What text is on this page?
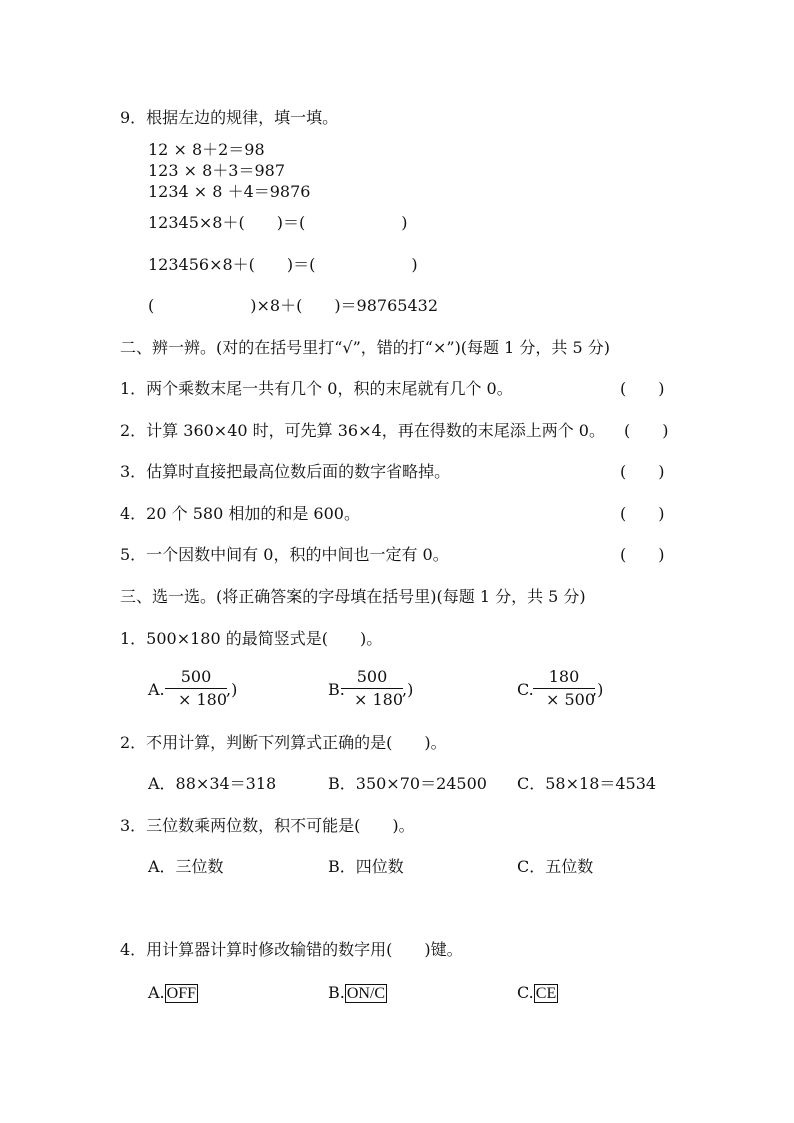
9．根据左边的规律，填一填。
12 × 8＋2＝98
123 × 8＋3＝987
1234 × 8 ＋4＝9876
12345×8＋(　　)＝(　　　　　　)
123456×8＋(　　)＝(　　　　　　)
(　　　　　　)×8＋(　　)＝98765432
二、辨一辨。(对的在括号里打“√”，错的打“×”)(每题 1 分，共 5 分)
1．两个乘数末尾一共有几个 0，积的末尾就有几个 0。	(　　)
2．计算 360×40 时，可先算 36×4，再在得数的末尾添上两个 0。 (　　)
3．估算时直接把最高位数后面的数字省略掉。	(　　)
4．20 个 580 相加的和是 600。	(　　)
5．一个因数中间有 0，积的中间也一定有 0。	(　　)
三、选一选。(将正确答案的字母填在括号里)(每题 1 分，共 5 分)
1．500×180 的最简竖式是(　　)。
A. $\frac{500}{\times 180}$ ,)	B.
$\frac{500}{\times 180}$ ,)	C. $\frac{180}{\times 500}$
,)
2．不用计算，判断下列算式正确的是(　　)。
A．88×34＝318	B．350×70＝24500 C．58×18＝4534
3．三位数乘两位数，积不可能是(　　)。
A．三位数	B．四位数	C．五位数
4．用计算器计算时修改输错的数字用(　　)键。
A. OFF	B. ON/C	C. CE
